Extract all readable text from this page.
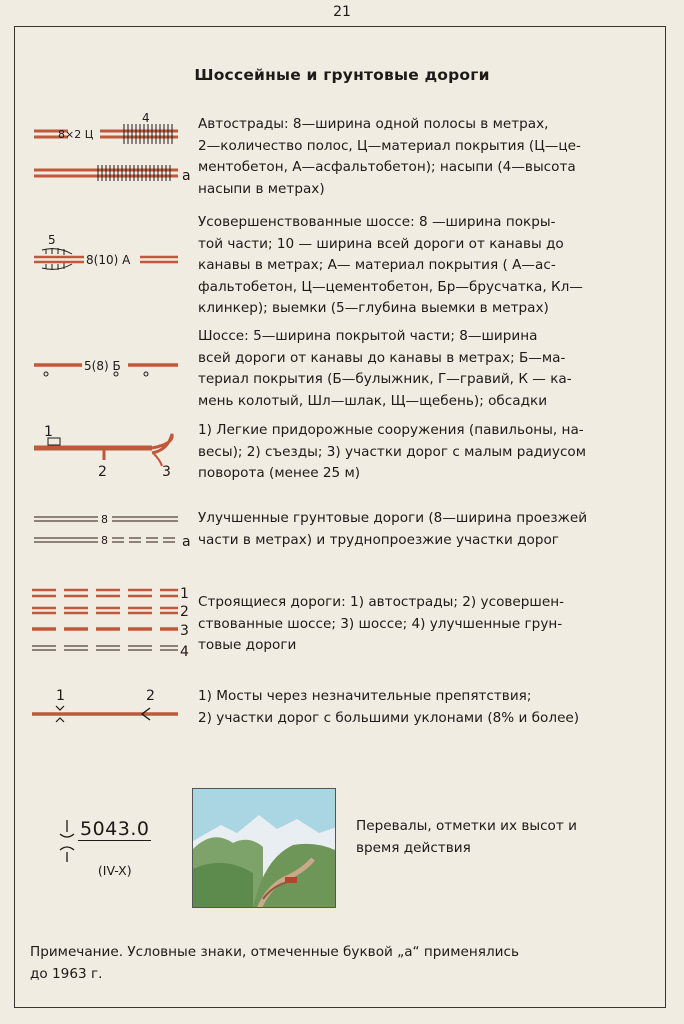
21
Шоссейные и грунтовые дороги
8×2 Ц
4
а
Автострады: 8—ширина одной полосы в метрах,
2—количество полос, Ц—материал покрытия (Ц—це-
ментобетон, А—асфальтобетон); насыпи (4—высота
насыпи в метрах)
5
8(10) А
Усовершенствованные шоссе: 8 —ширина покры-
той части; 10 — ширина всей дороги от канавы до
канавы в метрах; А— материал покрытия ( А—ас-
фальтобетон, Ц—цементобетон, Бр—брусчатка, Кл—
клинкер); выемки (5—глубина выемки в метрах)
5(8) Б
Шоссе: 5—ширина покрытой части; 8—ширина
всей дороги от канавы до канавы в метрах; Б—ма-
териал покрытия (Б—булыжник, Г—гравий, К — ка-
мень колотый, Шл—шлак, Щ—щебень); обсадки
1
2	3
1) Легкие придорожные сооружения (павильоны, на-
весы); 2) съезды; 3) участки дорог с малым радиусом
поворота (менее 25 м)
8
8	а
Улучшенные грунтовые дороги (8—ширина проезжей
части в метрах) и труднопроезжие участки дорог
1
2
3
4
Строящиеся дороги: 1) автострады; 2) усовершен-
ствованные шоссе; 3) шоссе; 4) улучшенные грун-
товые дороги
1	2	1) Мосты через незначительные препятствия;
2) участки дорог с большими уклонами (8% и более)
5043.0
(IV-X)
Перевалы, отметки их высот и
время действия
Примечание. Условные знаки, отмеченные буквой „а“ применялись
до 1963 г.
